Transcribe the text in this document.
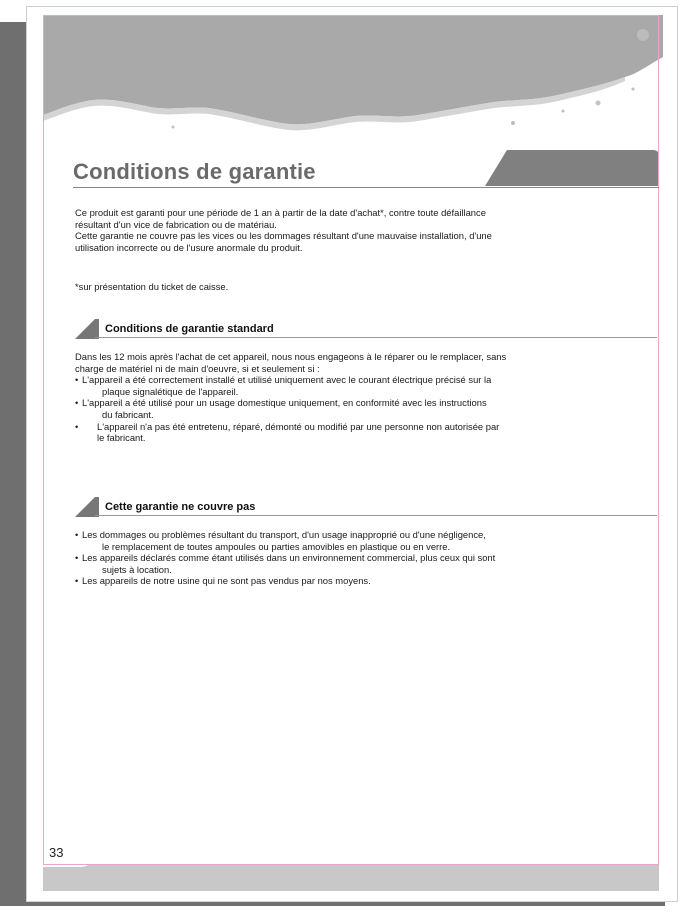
Conditions de garantie

Ce produit est garanti pour une période de 1 an à partir de la date d'achat*, contre toute défaillance

résultant d'un vice de fabrication ou de matériau.

Cette garantie ne couvre pas les vices ou les dommages résultant d'une mauvaise installation, d'une

utilisation incorrecte ou de l'usure anormale du produit.

*sur présentation du ticket de caisse.

Conditions de garantie standard

Dans les 12 mois après l'achat de cet appareil, nous nous engageons à le réparer ou le remplacer, sans

charge de matériel ni de main d'oeuvre, si et seulement si :

• L'appareil a été correctement installé et utilisé uniquement avec le courant électrique précisé sur la
plaque signalétique de l'appareil.
• L'appareil a été utilisé pour un usage domestique uniquement, en conformité avec les instructions
du fabricant.
• L'appareil n'a pas été entretenu, réparé, démonté ou modifié par une personne non autorisée par
le fabricant.
Cette garantie ne couvre pas
• Les dommages ou problèmes résultant du transport, d'un usage inapproprié ou d'une négligence,
le remplacement de toutes ampoules ou parties amovibles en plastique ou en verre.
• Les appareils déclarés comme étant utilisés dans un environnement commercial, plus ceux qui sont
sujets à location.
• Les appareils de notre usine qui ne sont pas vendus par nos moyens.
33
